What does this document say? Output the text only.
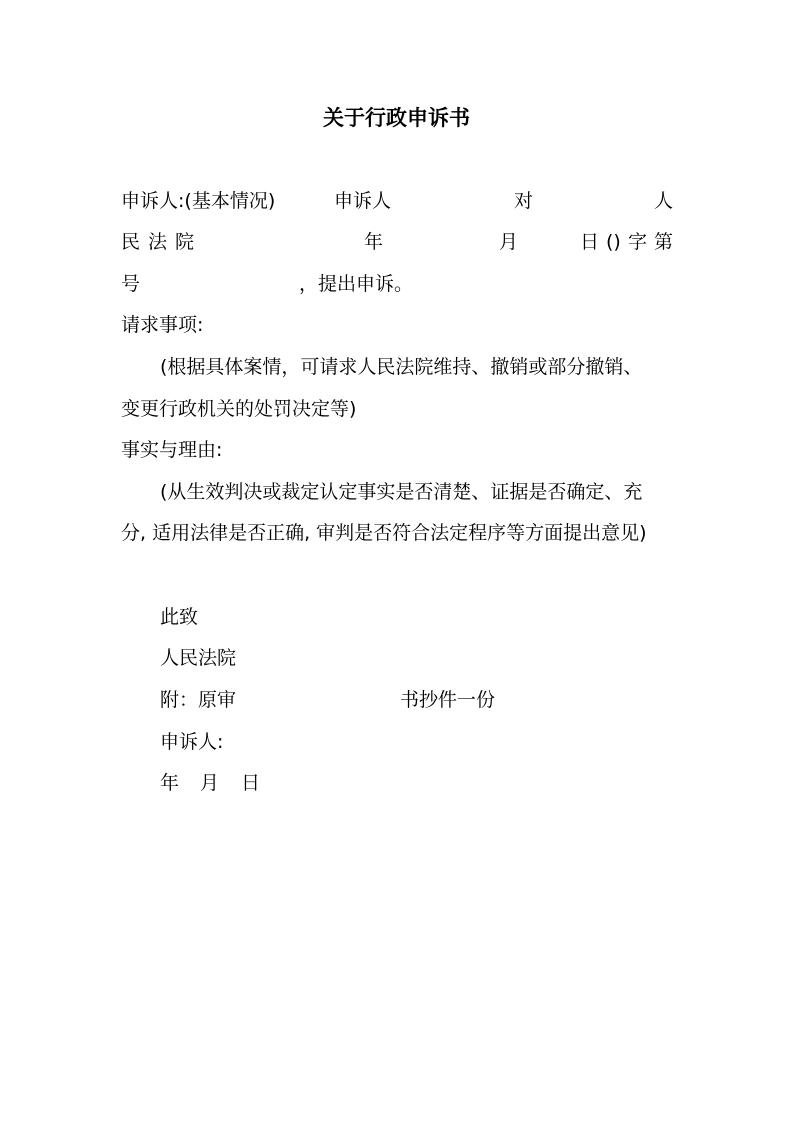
关于行政申诉书
申诉人:(基本情况)	申诉人	对	人
民 法 院	年	月	日 () 字 第
号	，提出申诉。
请求事项:
(根据具体案情，可请求人民法院维持、撤销或部分撤销、
变更行政机关的处罚决定等)
事实与理由:
(从生效判决或裁定认定事实是否清楚、证据是否确定、充
分, 适用法律是否正确, 审判是否符合法定程序等方面提出意见)
此致
人民法院
附：原审	书抄件一份
申诉人:
年 月 日
